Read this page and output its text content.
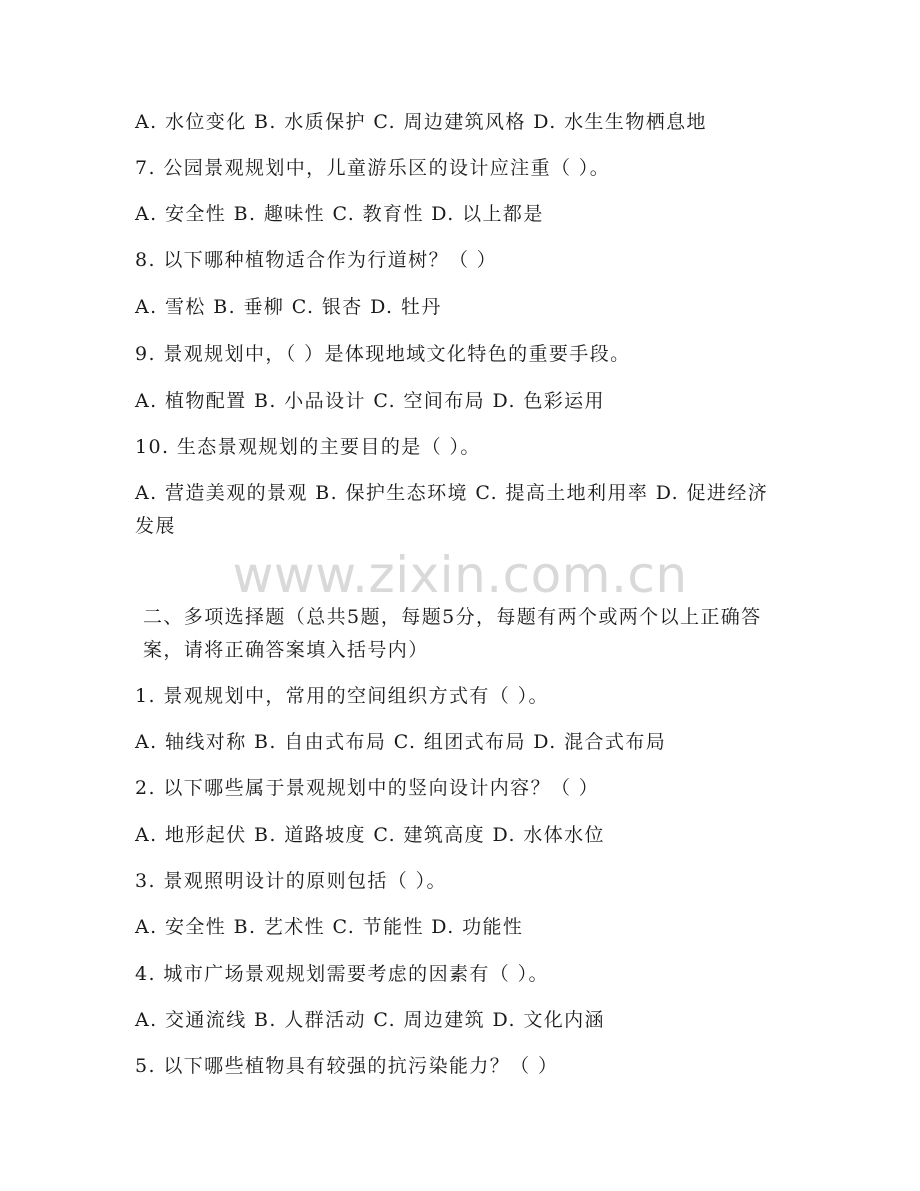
A. 水位变化 B. 水质保护 C. 周边建筑风格 D. 水生生物栖息地
7. 公园景观规划中，儿童游乐区的设计应注重（ ）。
A. 安全性 B. 趣味性 C. 教育性 D. 以上都是
8. 以下哪种植物适合作为行道树？（ ）
A. 雪松 B. 垂柳 C. 银杏 D. 牡丹
9. 景观规划中，（ ）是体现地域文化特色的重要手段。
A. 植物配置 B. 小品设计 C. 空间布局 D. 色彩运用
10. 生态景观规划的主要目的是（ ）。
A. 营造美观的景观 B. 保护生态环境 C. 提高土地利用率 D. 促进经济发展
www.zixin.com.cn
二、多项选择题（总共5题，每题5分，每题有两个或两个以上正确答案，请将正确答案填入括号内）
1. 景观规划中，常用的空间组织方式有（ ）。
A. 轴线对称 B. 自由式布局 C. 组团式布局 D. 混合式布局
2. 以下哪些属于景观规划中的竖向设计内容？（ ）
A. 地形起伏 B. 道路坡度 C. 建筑高度 D. 水体水位
3. 景观照明设计的原则包括（ ）。
A. 安全性 B. 艺术性 C. 节能性 D. 功能性
4. 城市广场景观规划需要考虑的因素有（ ）。
A. 交通流线 B. 人群活动 C. 周边建筑 D. 文化内涵
5. 以下哪些植物具有较强的抗污染能力？（ ）
